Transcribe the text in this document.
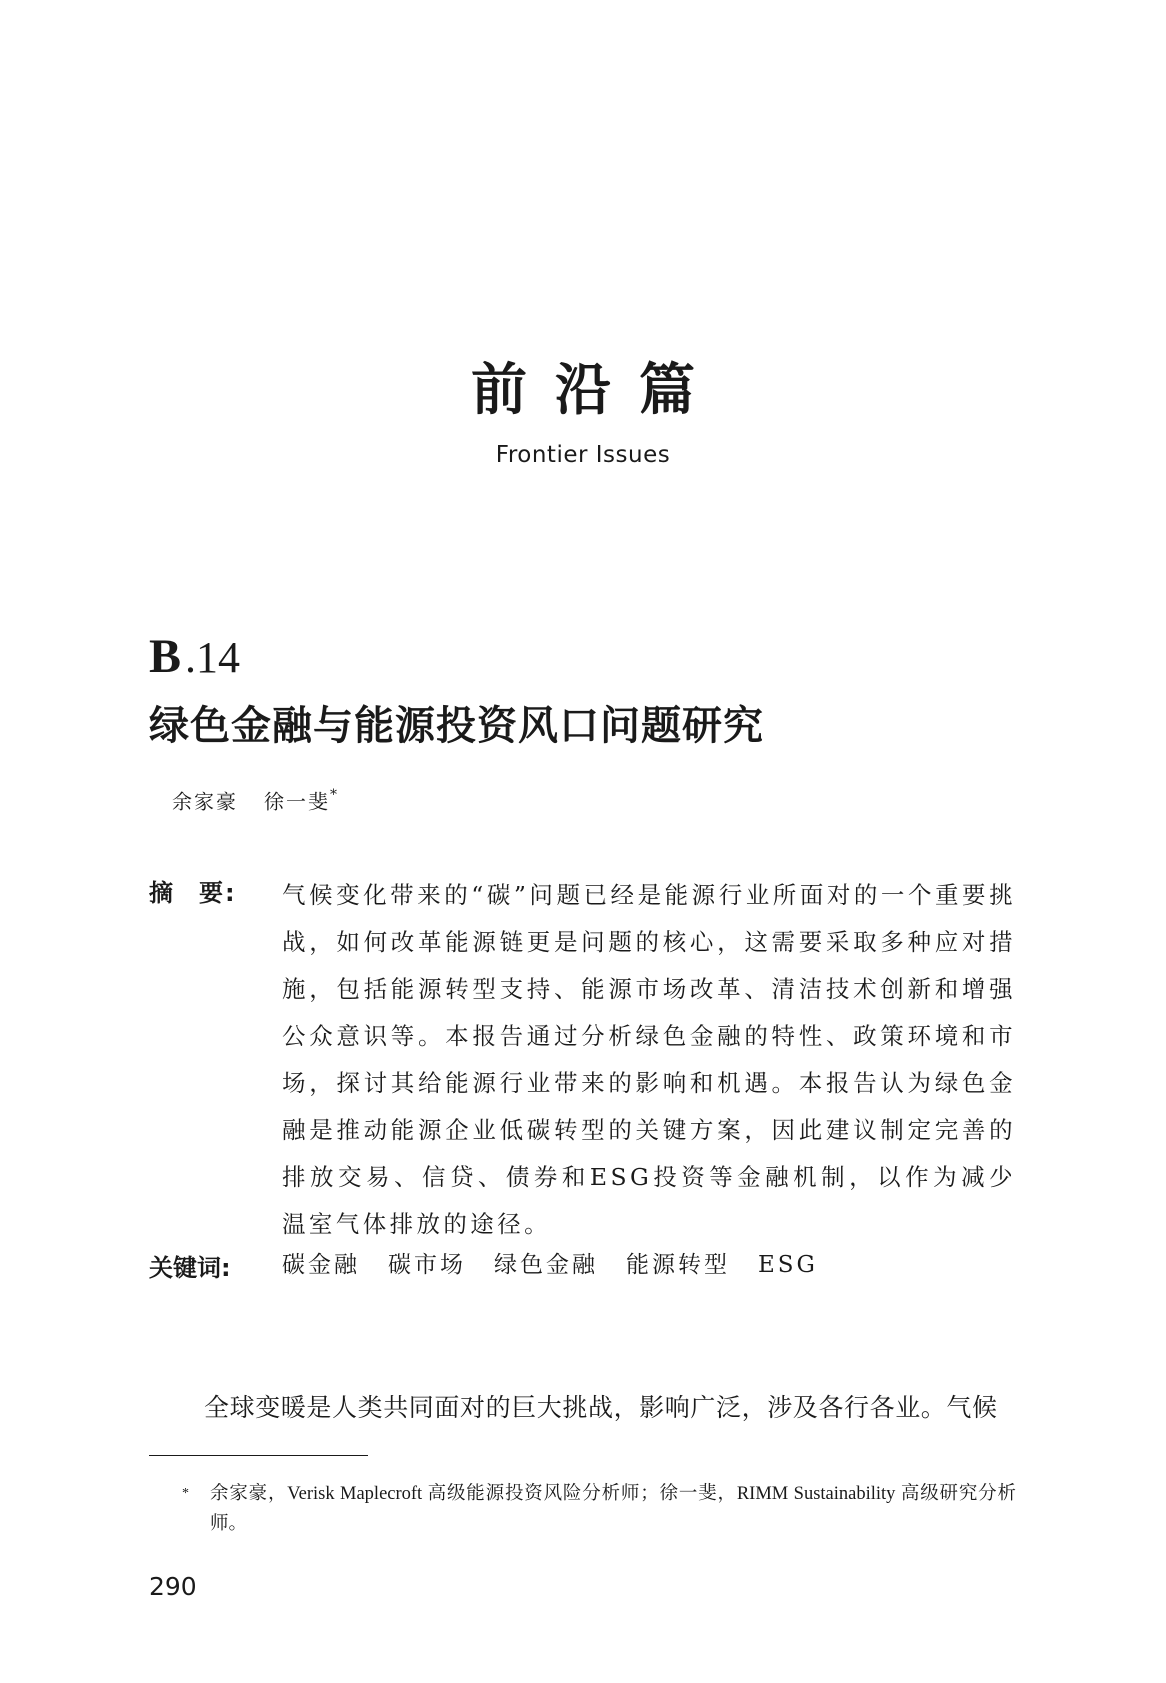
前沿篇
Frontier Issues
B.14
绿色金融与能源投资风口问题研究
余家豪 徐一斐*
摘 要: 气候变化带来的“碳”问题已经是能源行业所面对的一个重要挑战，如何改革能源链更是问题的核心，这需要采取多种应对措施，包括能源转型支持、能源市场改革、清洁技术创新和增强公众意识等。本报告通过分析绿色金融的特性、政策环境和市场，探讨其给能源行业带来的影响和机遇。本报告认为绿色金融是推动能源企业低碳转型的关键方案，因此建议制定完善的排放交易、信贷、债券和ESG投资等金融机制，以作为减少温室气体排放的途径。
关键词: 碳金融 碳市场 绿色金融 能源转型 ESG
全球变暖是人类共同面对的巨大挑战，影响广泛，涉及各行各业。气候
* 余家豪，Verisk Maplecroft 高级能源投资风险分析师；徐一斐，RIMM Sustainability 高级研究分析师。
290
